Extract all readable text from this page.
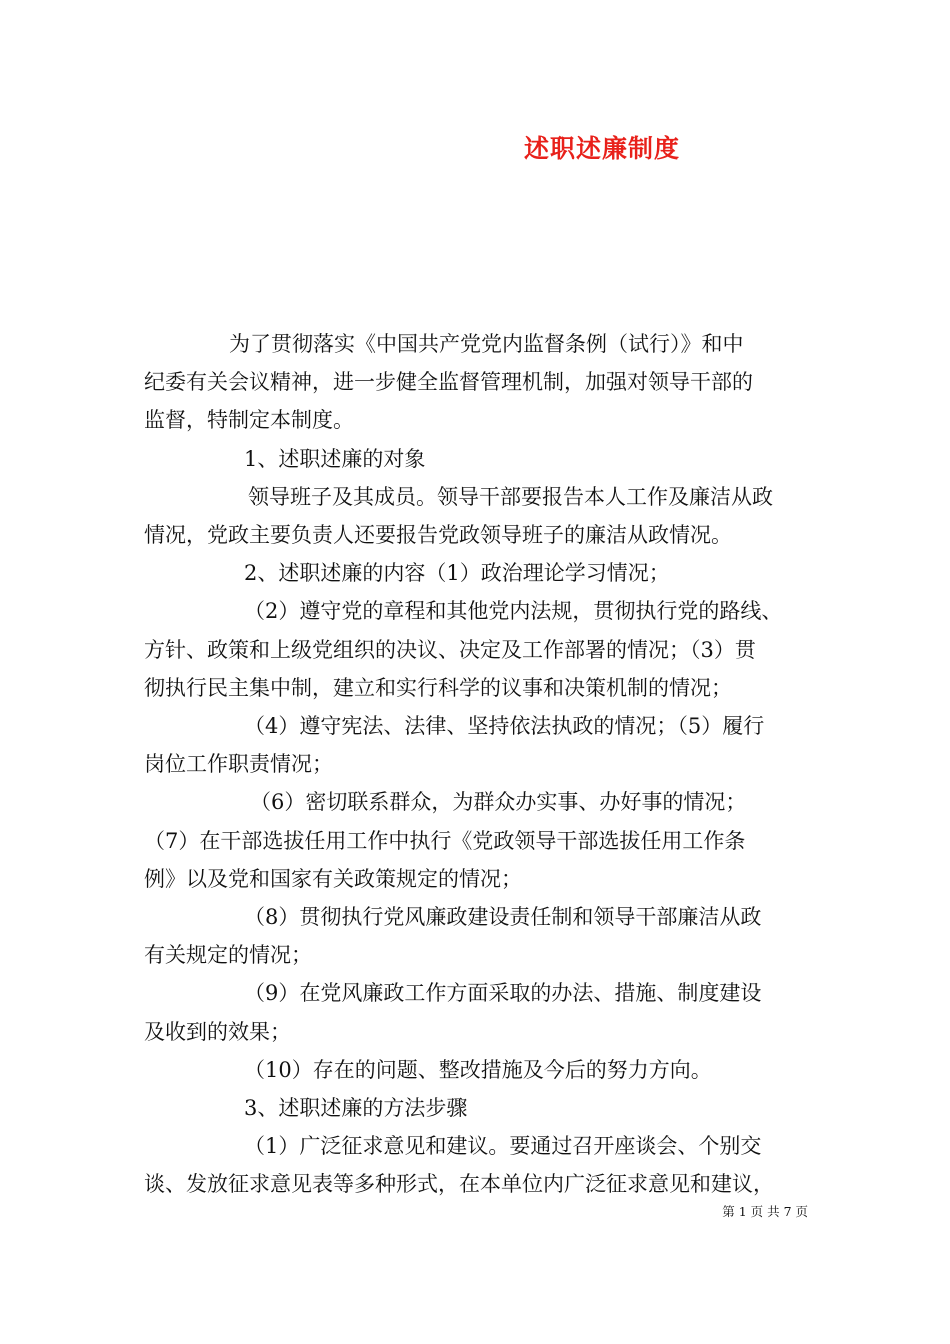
述职述廉制度

为了贯彻落实《中国共产党党内监督条例（试行）》和中

纪委有关会议精神，进一步健全监督管理机制，加强对领导干部的

监督，特制定本制度。

1、述职述廉的对象

领导班子及其成员。领导干部要报告本人工作及廉洁从政

情况，党政主要负责人还要报告党政领导班子的廉洁从政情况。

2、述职述廉的内容（1）政治理论学习情况；

（2）遵守党的章程和其他党内法规，贯彻执行党的路线、

方针、政策和上级党组织的决议、决定及工作部署的情况；（3）贯

彻执行民主集中制，建立和实行科学的议事和决策机制的情况；

（4）遵守宪法、法律、坚持依法执政的情况；（5）履行

岗位工作职责情况；

（6）密切联系群众，为群众办实事、办好事的情况；

（7）在干部选拔任用工作中执行《党政领导干部选拔任用工作条

例》以及党和国家有关政策规定的情况；

（8）贯彻执行党风廉政建设责任制和领导干部廉洁从政

有关规定的情况；

（9）在党风廉政工作方面采取的办法、措施、制度建设

及收到的效果；

（10）存在的问题、整改措施及今后的努力方向。

3、述职述廉的方法步骤

（1）广泛征求意见和建议。要通过召开座谈会、个别交

谈、发放征求意见表等多种形式，在本单位内广泛征求意见和建议，

第 1 页 共 7 页
